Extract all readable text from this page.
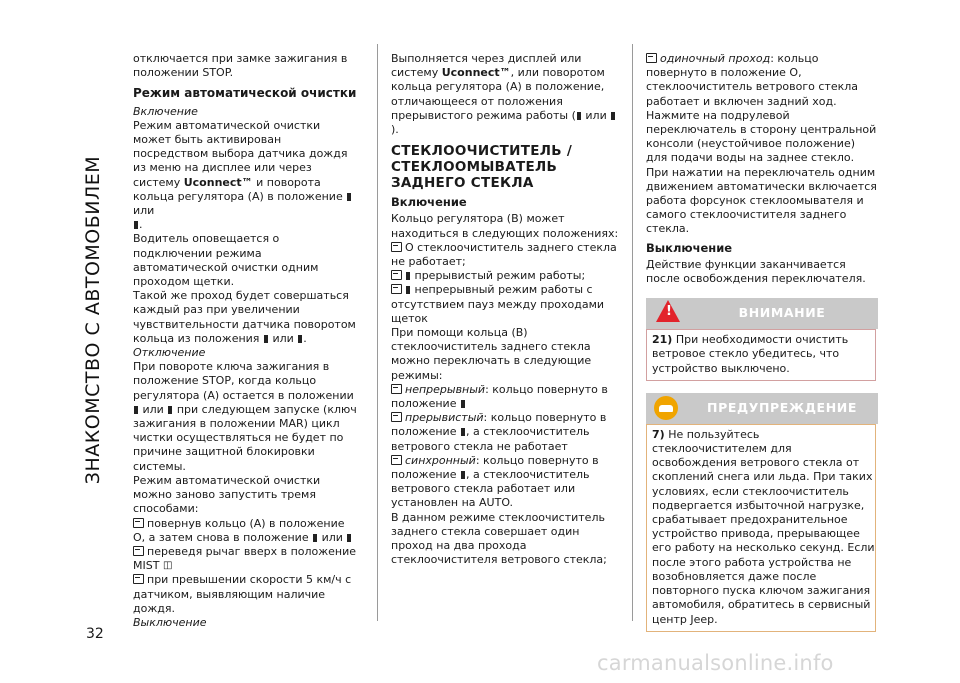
ЗНАКОМСТВО С АВТОМОБИЛЕМ
32

отключается при замке зажигания в положении STOP.

Режим автоматической очистки

Включение

Режим автоматической очистки может быть активирован посредством выбора датчика дождя из меню на дисплее или через систему Uconnect™ и поворота кольца регулятора (A) в положение  или
.

Водитель оповещается о подключении режима автоматической очистки одним проходом щетки.

Такой же проход будет совершаться каждый раз при увеличении чувствительности датчика поворотом кольца из положения или .

Отключение

При повороте ключа зажигания в положение STOP, когда кольцо регулятора (A) остается в положении
или при следующем запуске (ключ зажигания в положении MAR) цикл чистки осуществляться не будет по причине защитной блокировки системы.

Режим автоматической очистки можно заново запустить тремя способами:

повернув кольцо (A) в положение O, а затем снова в положение или

переведя рычаг вверх в положение MIST ◫

при превышении скорости 5 км/ч с датчиком, выявляющим наличие дождя.

Выключение

Выполняется через дисплей или систему Uconnect™, или поворотом кольца регулятора (A) в положение, отличающееся от положения прерывистого режима работы ( или ).

СТЕКЛООЧИСТИТЕЛЬ / СТЕКЛООМЫВАТЕЛЬ ЗАДНЕГО СТЕКЛА
Включение

Кольцо регулятора (B) может находиться в следующих положениях:

O стеклоочиститель заднего стекла не работает;

прерывистый режим работы;

непрерывный режим работы с отсутствием пауз между проходами щеток

При помощи кольца (B) стеклоочиститель заднего стекла можно переключать в следующие режимы:

непрерывный: кольцо повернуто в положение

прерывистый: кольцо повернуто в положение , а стеклоочиститель ветрового стекла не работает

синхронный: кольцо повернуто в положение , а стеклоочиститель ветрового стекла работает или установлен на AUTO.

В данном режиме стеклоочиститель заднего стекла совершает один проход на два прохода стеклоочистителя ветрового стекла;

одиночный проход: кольцо повернуто в положение O, стеклоочиститель ветрового стекла работает и включен задний ход.

Нажмите на подрулевой переключатель в сторону центральной консоли (неустойчивое положение) для подачи воды на заднее стекло. При нажатии на переключатель одним движением автоматически включается работа форсунок стеклоомывателя и самого стеклоочистителя заднего стекла.

Выключение

Действие функции заканчивается после освобождения переключателя.

!
ВНИМАНИЕ
21) При необходимости очистить ветровое стекло убедитесь, что устройство выключено.
ПРЕДУПРЕЖДЕНИЕ
7) Не пользуйтесь стеклоочистителем для освобождения ветрового стекла от скоплений снега или льда. При таких условиях, если стеклоочиститель подвергается избыточной нагрузке, срабатывает предохранительное устройство привода, прерывающее его работу на несколько секунд. Если после этого работа устройства не возобновляется даже после повторного пуска ключом зажигания автомобиля, обратитесь в сервисный центр Jeep.
carmanualsonline.info
